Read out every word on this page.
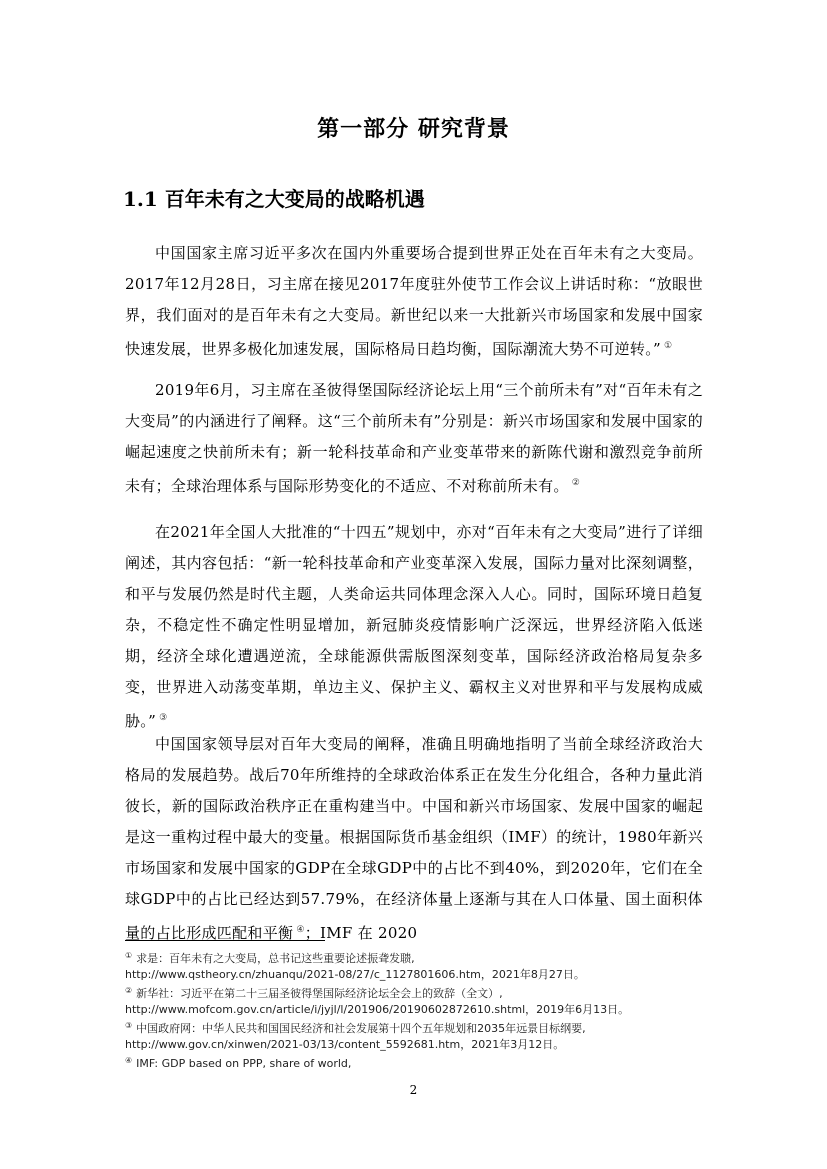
第一部分 研究背景
1.1 百年未有之大变局的战略机遇

中国国家主席习近平多次在国内外重要场合提到世界正处在百年未有之大变局。2017年12月28日，习主席在接见2017年度驻外使节工作会议上讲话时称：“放眼世界，我们面对的是百年未有之大变局。新世纪以来一大批新兴市场国家和发展中国家快速发展，世界多极化加速发展，国际格局日趋均衡，国际潮流大势不可逆转。” ①

2019年6月，习主席在圣彼得堡国际经济论坛上用“三个前所未有”对“百年未有之大变局”的内涵进行了阐释。这“三个前所未有”分别是：新兴市场国家和发展中国家的崛起速度之快前所未有；新一轮科技革命和产业变革带来的新陈代谢和激烈竞争前所未有；全球治理体系与国际形势变化的不适应、不对称前所未有。 ②

在2021年全国人大批准的“十四五”规划中，亦对“百年未有之大变局”进行了详细阐述，其内容包括：“新一轮科技革命和产业变革深入发展，国际力量对比深刻调整，和平与发展仍然是时代主题，人类命运共同体理念深入人心。同时，国际环境日趋复杂，不稳定性不确定性明显增加，新冠肺炎疫情影响广泛深远，世界经济陷入低迷期，经济全球化遭遇逆流，全球能源供需版图深刻变革，国际经济政治格局复杂多变，世界进入动荡变革期，单边主义、保护主义、霸权主义对世界和平与发展构成威胁。” ③

中国国家领导层对百年大变局的阐释，准确且明确地指明了当前全球经济政治大格局的发展趋势。战后70年所维持的全球政治体系正在发生分化组合，各种力量此消彼长，新的国际政治秩序正在重构建当中。中国和新兴市场国家、发展中国家的崛起是这一重构过程中最大的变量。根据国际货币基金组织（IMF）的统计，1980年新兴市场国家和发展中国家的GDP在全球GDP中的占比不到40%，到2020年，它们在全球GDP中的占比已经达到57.79%，在经济体量上逐渐与其在人口体量、国土面积体量的占比形成匹配和平衡 ④；IMF 在 2020

① 求是：百年未有之大变局，总书记这些重要论述振聋发聩,
http://www.qstheory.cn/zhuanqu/2021-08/27/c_1127801606.htm，2021年8月27日。
② 新华社：习近平在第二十三届圣彼得堡国际经济论坛全会上的致辞（全文）,
http://www.mofcom.gov.cn/article/i/jyjl/l/201906/20190602872610.shtml，2019年6月13日。
③ 中国政府网：中华人民共和国国民经济和社会发展第十四个五年规划和2035年远景目标纲要,
http://www.gov.cn/xinwen/2021-03/13/content_5592681.htm，2021年3月12日。
④ IMF: GDP based on PPP, share of world,
2
